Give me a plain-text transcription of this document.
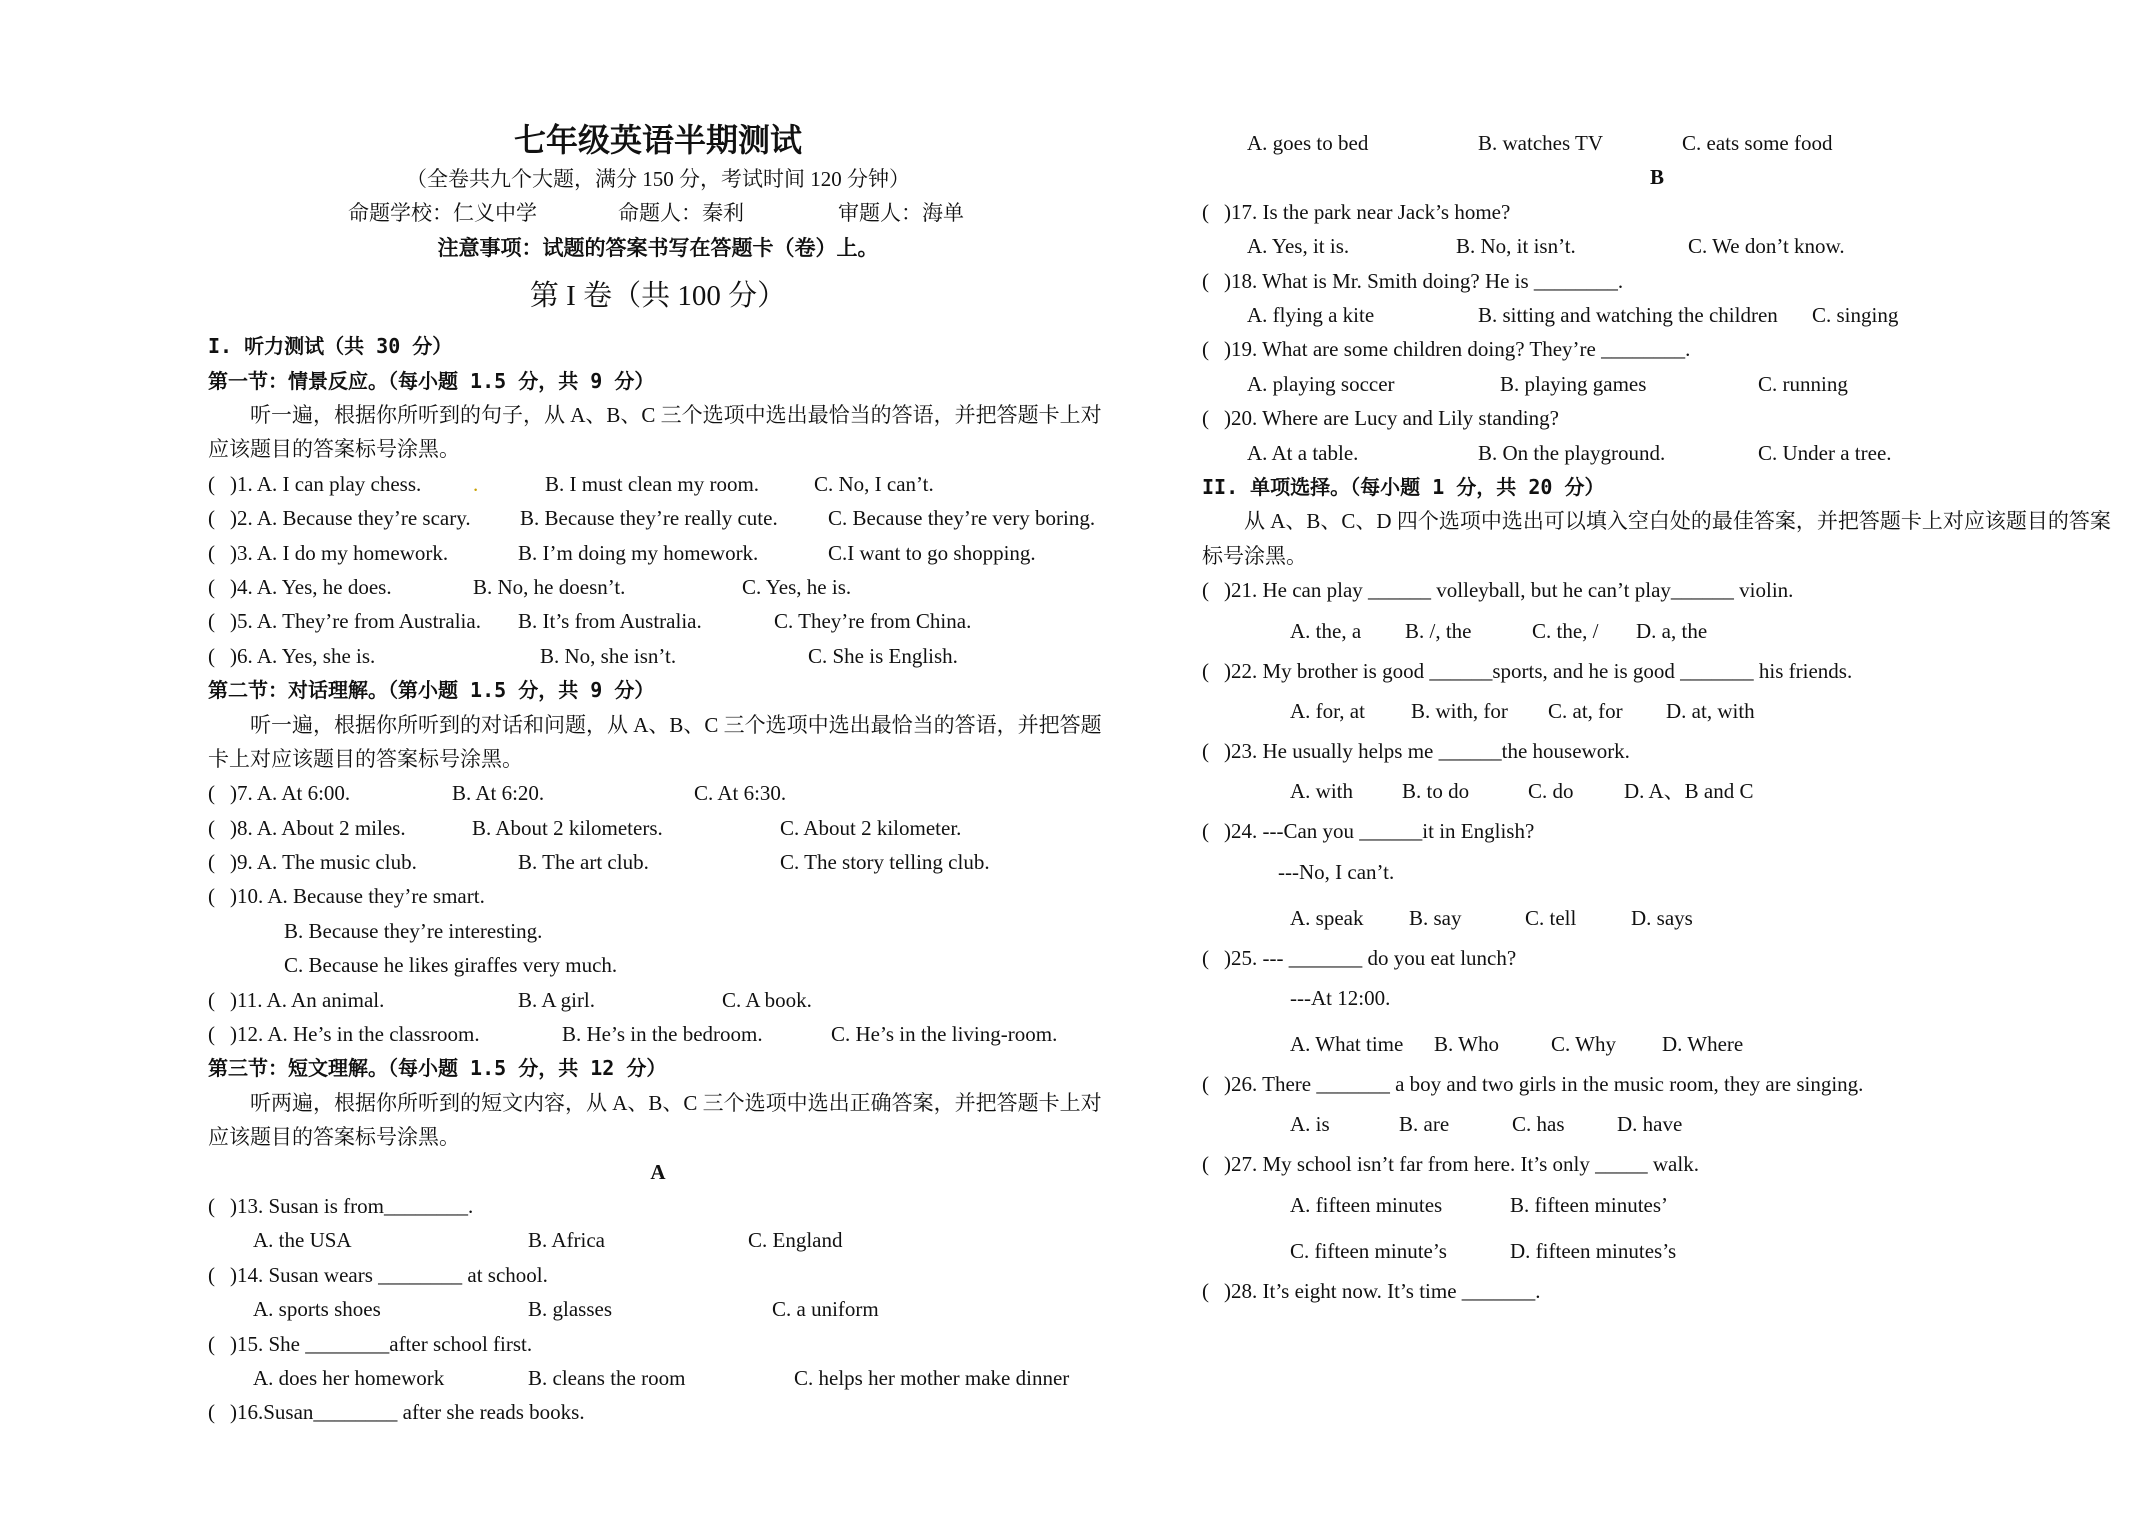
七年级英语半期测试
（全卷共九个大题，满分 150 分，考试时间 120 分钟）
命题学校：仁义中学	命题人：秦利	审题人：海单
注意事项：试题的答案书写在答题卡（卷）上。
第 I 卷（共 100 分）
I. 听力测试（共 30 分）
第一节：情景反应。（每小题 1.5 分，共 9 分）
听一遍，根据你所听到的句子，从 A、B、C 三个选项中选出最恰当的答语，并把答题卡上对应该题目的答案标号涂黑。
( )1. A. I can play chess. .	B. I must clean my room.	C. No, I can’t.
( )2. A. Because they’re scary. B. Because they’re really cute. C. Because they’re very boring.
( )3. A. I do my homework.	B. I’m doing my homework.	C.I want to go shopping.
( )4. A. Yes, he does.	B. No, he doesn’t.	C. Yes, he is.
( )5. A. They’re from Australia. B. It’s from Australia.	C. They’re from China.
( )6. A. Yes, she is.	B. No, she isn’t.	C. She is English.
第二节：对话理解。（第小题 1.5 分，共 9 分）
听一遍，根据你所听到的对话和问题，从 A、B、C 三个选项中选出最恰当的答语，并把答题卡上对应该题目的答案标号涂黑。
( )7. A. At 6:00.	B. At 6:20.	C. At 6:30.
( )8. A. About 2 miles.	B. About 2 kilometers.	C. About 2 kilometer.
( )9. A. The music club.	B. The art club.	C. The story telling club.
( )10. A. Because they’re smart.
B. Because they’re interesting.
C. Because he likes giraffes very much.
( )11. A. An animal.	B. A girl.	C. A book.
( )12. A. He’s in the classroom.	B. He’s in the bedroom.	C. He’s in the living-room.
第三节：短文理解。（每小题 1.5 分，共 12 分）
听两遍，根据你所听到的短文内容，从 A、B、C 三个选项中选出正确答案，并把答题卡上对应该题目的答案标号涂黑。
A
( )13. Susan is from________.
A. the USA	B. Africa	C. England
( )14. Susan wears ________ at school.
A. sports shoes	B. glasses	C. a uniform
( )15. She ________after school first.
A. does her homework	B. cleans the room	C. helps her mother make dinner
( )16.Susan________ after she reads books.
A. goes to bed	B. watches TV	C. eats some food
B
( )17. Is the park near Jack’s home?
A. Yes, it is.	B. No, it isn’t.	C. We don’t know.
( )18. What is Mr. Smith doing? He is ________.
A. flying a kite	B. sitting and watching the children C. singing
( )19. What are some children doing? They’re ________.
A. playing soccer	B. playing games	C. running
( )20. Where are Lucy and Lily standing?
A. At a table.	B. On the playground.	C. Under a tree.
II. 单项选择。（每小题 1 分，共 20 分）
从 A、B、C、D 四个选项中选出可以填入空白处的最佳答案，并把答题卡上对应该题目的答案标号涂黑。
( )21. He can play ______ volleyball, but he can’t play______ violin.
A. the, a B. /, the	C. the, / D. a, the
( )22. My brother is good ______sports, and he is good _______ his friends.
A. for, at B. with, for C. at, for D. at, with
( )23. He usually helps me ______the housework.
A. with B. to do	C. do D. A、B and C
( )24. ---Can you ______it in English?
---No, I can’t.
A. speak B. say	C. tell	D. says
( )25. --- _______ do you eat lunch?
---At 12:00.
A. What time B. Who C. Why D. Where
( )26. There _______ a boy and two girls in the music room, they are singing.
A. is	B. are	C. has	D. have
( )27. My school isn’t far from here. It’s only _____ walk.
A. fifteen minutes	B. fifteen minutes’
C. fifteen minute’s	D. fifteen minutes’s
( )28. It’s eight now. It’s time _______.
